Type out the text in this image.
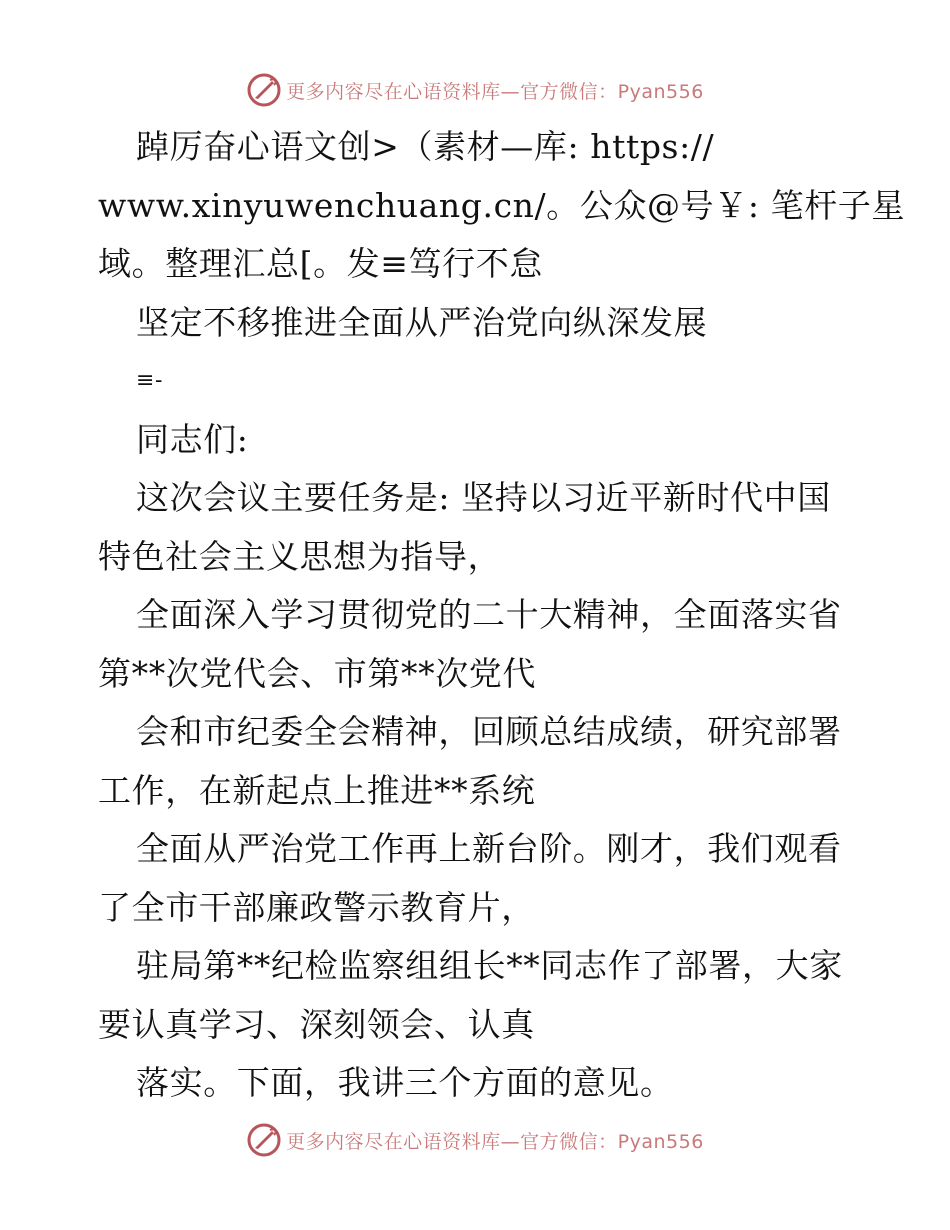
更多内容尽在心语资料库—官方微信：Pyan556
踔厉奋心语文创>（素材—库: https://
www.xinyuwenchuang.cn/。公众@号￥: 笔杆子星
域。整理汇总[。发≡笃行不怠
坚定不移推进全面从严治党向纵深发展
≡-
同志们:
这次会议主要任务是: 坚持以习近平新时代中国
特色社会主义思想为指导，
全面深入学习贯彻党的二十大精神，全面落实省
第**次党代会、市第**次党代
会和市纪委全会精神，回顾总结成绩，研究部署
工作，在新起点上推进**系统
全面从严治党工作再上新台阶。刚才，我们观看
了全市干部廉政警示教育片，
驻局第**纪检监察组组长**同志作了部署，大家
要认真学习、深刻领会、认真
落实。下面，我讲三个方面的意见。
更多内容尽在心语资料库—官方微信：Pyan556
